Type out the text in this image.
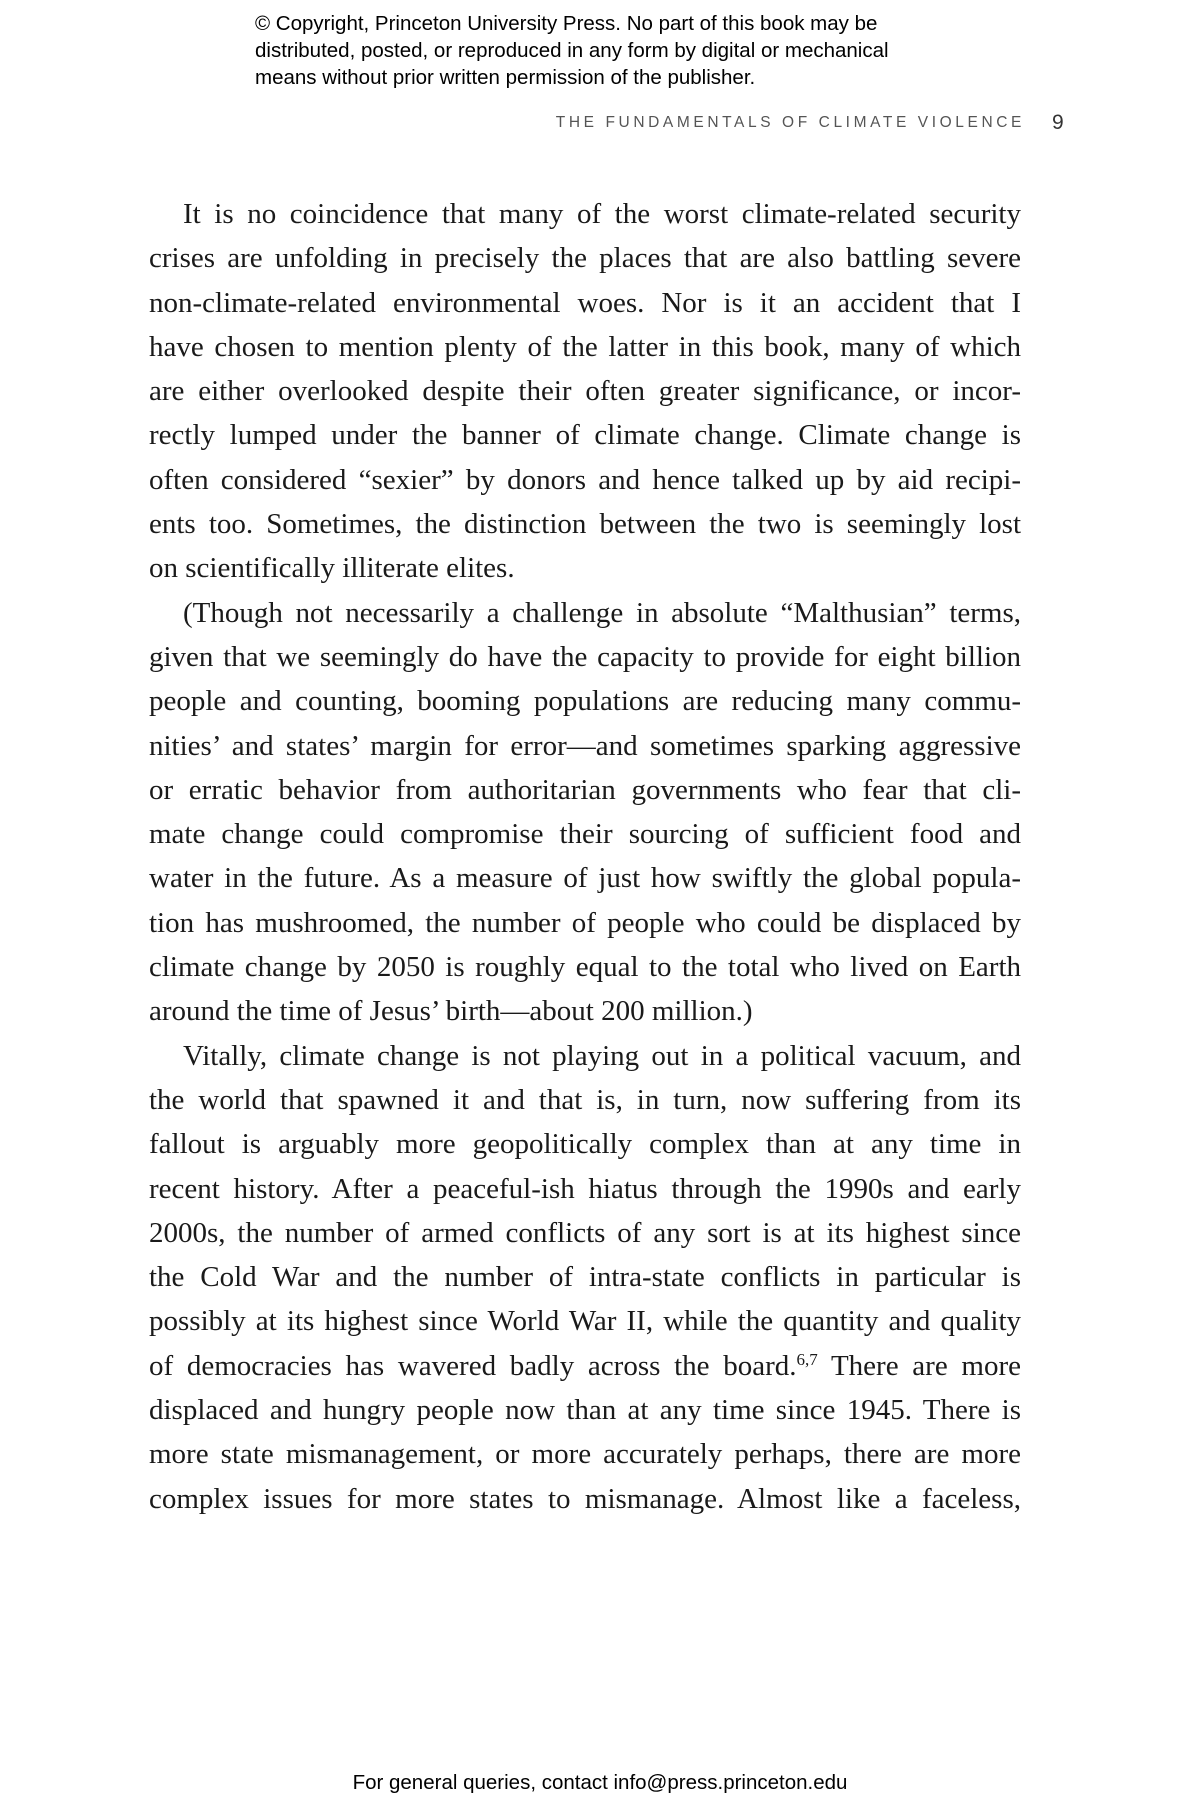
© Copyright, Princeton University Press. No part of this book may be
distributed, posted, or reproduced in any form by digital or mechanical
means without prior written permission of the publisher.
THE FUNDAMENTALS OF CLIMATE VIOLENCE 9
It is no coincidence that many of the worst climate-related security
crises are unfolding in precisely the places that are also battling severe
non-climate-related environmental woes. Nor is it an accident that I
have chosen to mention plenty of the latter in this book, many of which
are either overlooked despite their often greater significance, or incor-
rectly lumped under the banner of climate change. Climate change is
often considered “sexier” by donors and hence talked up by aid recipi-
ents too. Sometimes, the distinction between the two is seemingly lost
on scientifically illiterate elites.
(Though not necessarily a challenge in absolute “Malthusian” terms,
given that we seemingly do have the capacity to provide for eight billion
people and counting, booming populations are reducing many commu-
nities’ and states’ margin for error—and sometimes sparking aggressive
or erratic behavior from authoritarian governments who fear that cli-
mate change could compromise their sourcing of sufficient food and
water in the future. As a measure of just how swiftly the global popula-
tion has mushroomed, the number of people who could be displaced by
climate change by 2050 is roughly equal to the total who lived on Earth
around the time of Jesus’ birth—about 200 million.)
Vitally, climate change is not playing out in a political vacuum, and
the world that spawned it and that is, in turn, now suffering from its
fallout is arguably more geopolitically complex than at any time in
recent history. After a peaceful-ish hiatus through the 1990s and early
2000s, the number of armed conflicts of any sort is at its highest since
the Cold War and the number of intra-state conflicts in particular is
possibly at its highest since World War II, while the quantity and quality
of democracies has wavered badly across the board.$^{6,7}$ There are more
displaced and hungry people now than at any time since 1945. There is
more state mismanagement, or more accurately perhaps, there are more
complex issues for more states to mismanage. Almost like a faceless,
For general queries, contact info@press.princeton.edu
